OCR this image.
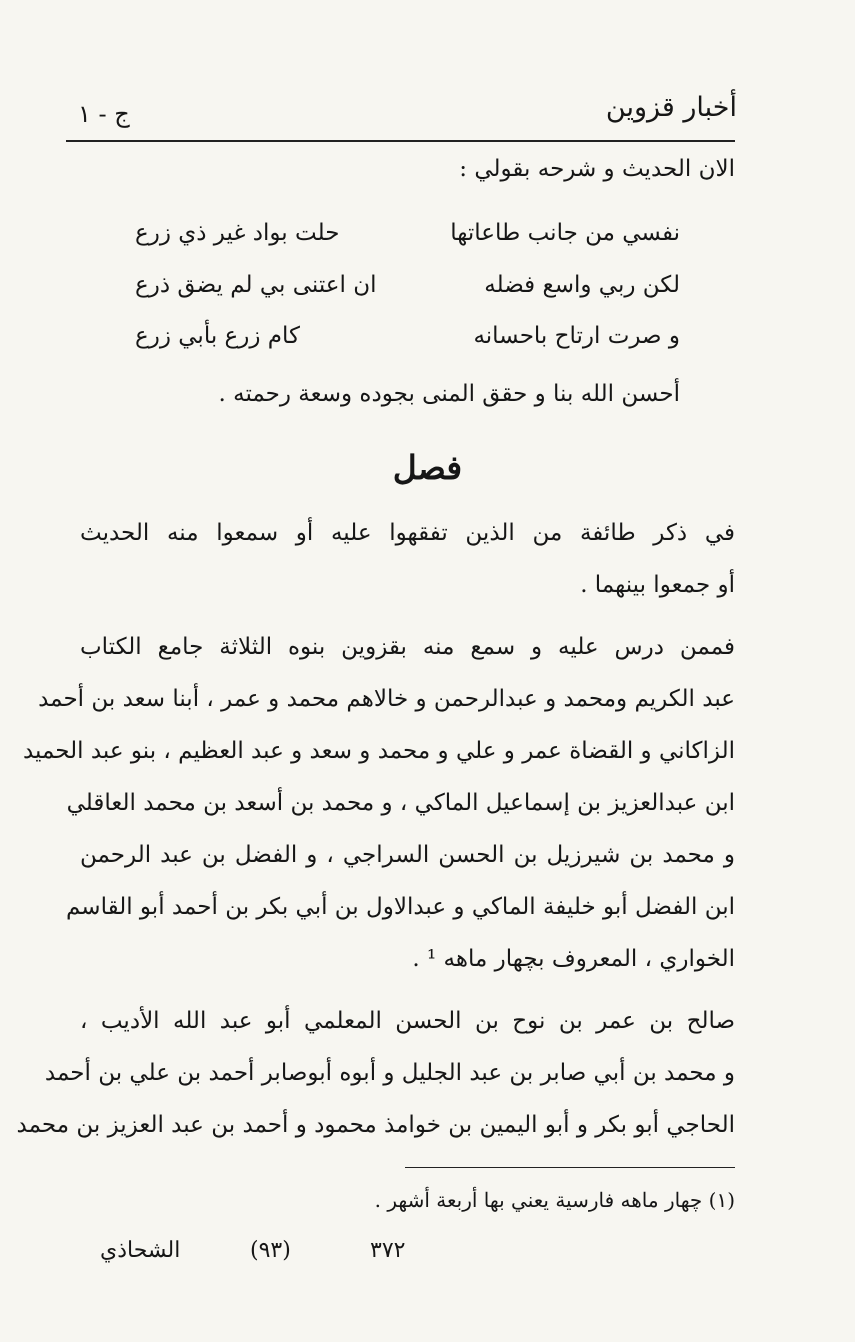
أخبار قزوين
ج - ١
الان الحديث و شرحه بقولي :
نفسي من جانب طاعاتها
حلت بواد غير ذي زرع
لكن ربي واسع فضله
ان اعتنى بي لم يضق ذرع
و صرت ارتاح باحسانه
كام زرع بأبي زرع
أحسن الله بنا و حقق المنى بجوده وسعة رحمته .
فصل
في ذكر طائفة من الذين تفقهوا عليه أو سمعوا منه الحديث
أو جمعوا بينهما .
فممن درس عليه و سمع منه بقزوين بنوه الثلاثة جامع الكتاب
عبد الكريم ومحمد و عبدالرحمن و خالاهم محمد و عمر ، أبنا سعد بن أحمد
الزاكاني و القضاة عمر و علي و محمد و سعد و عبد العظيم ، بنو عبد الحميد
ابن عبدالعزيز بن إسماعيل الماكي ، و محمد بن أسعد بن محمد العاقلي
و محمد بن شيرزيل بن الحسن السراجي ، و الفضل بن عبد الرحمن
ابن الفضل أبو خليفة الماكي و عبدالاول بن أبي بكر بن أحمد أبو القاسم
الخواري ، المعروف بچهار ماهه ¹ .
صالح بن عمر بن نوح بن الحسن المعلمي أبو عبد الله الأديب ،
و محمد بن أبي صابر بن عبد الجليل و أبوه أبوصابر أحمد بن علي بن أحمد
الحاجي أبو بكر و أبو اليمين بن خوامذ محمود و أحمد بن عبد العزيز بن محمد
(١) چهار ماهه فارسية يعني بها أربعة أشهر .
٣٧٢
(٩٣)
الشحاذي
